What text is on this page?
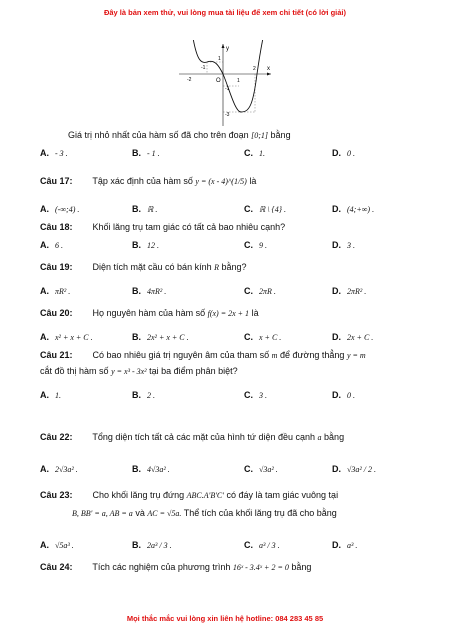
Đây là bản xem thử, vui lòng mua tài liệu để xem chi tiết (có lời giải)
y
x
O
-2
-1
1
2
1
-1
-3
Giá trị nhỏ nhất của hàm số đã cho trên đoạn [0;1] bằng
A. - 3 .	B. - 1 .	C. 1.	D. 0 .
Câu 17: Tập xác định của hàm số y = (x - 4)^(1/5) là
A. (-∞;4) .	B. ℝ .	C. ℝ \ {4} .	D. (4;+∞) .
Câu 18: Khối lăng trụ tam giác có tất cả bao nhiêu cạnh?
A. 6 .	B. 12 .	C. 9 .	D. 3 .
Câu 19: Diện tích mặt cầu có bán kính R bằng?
A. πR² .	B. 4πR² .	C. 2πR .	D. 2πR² .
Câu 20: Họ nguyên hàm của hàm số f(x) = 2x + 1 là
A. x² + x + C .	B. 2x² + x + C .	C. x + C .	D. 2x + C .
Câu 21: Có bao nhiêu giá trị nguyên âm của tham số m để đường thẳng y = m
cắt đồ thị hàm số y = x³ - 3x² tại ba điểm phân biệt?
A. 1.	B. 2 .	C. 3 .	D. 0 .
Câu 22: Tổng diện tích tất cả các mặt của hình tứ diện đều cạnh a bằng
A. 2√3a² .	B. 4√3a² .	C. √3a² .	D. √3a² / 2 .
Câu 23: Cho khối lăng trụ đứng ABC.A'B'C' có đáy là tam giác vuông tại
B, BB' = a, AB = a và AC = √5a. Thể tích của khối lăng trụ đã cho bằng
A. √5a³ .	B. 2a³ / 3 .	C. a³ / 3 .	D. a³ .
Câu 24: Tích các nghiệm của phương trình 16ˣ - 3.4ˣ + 2 = 0 bằng
Mọi thắc mắc vui lòng xin liên hệ hotline: 084 283 45 85
